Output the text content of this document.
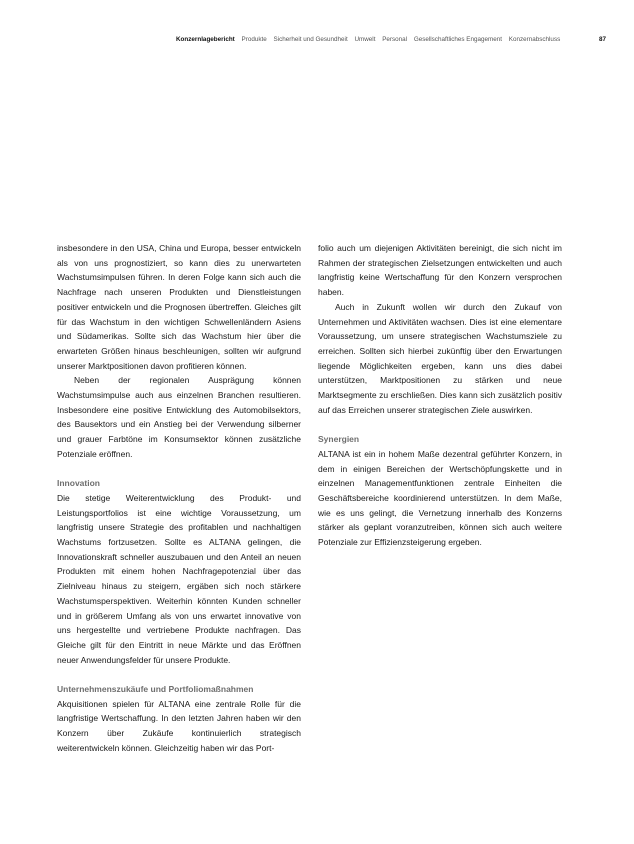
Konzernlagebericht Produkte Sicherheit und Gesundheit Umwelt Personal Gesellschaftliches Engagement Konzernabschluss	87

insbesondere in den USA, China und Europa, besser entwickeln als von uns prognostiziert, so kann dies zu unerwarteten Wachstumsimpulsen führen. In deren Folge kann sich auch die Nachfrage nach unseren Produkten und Dienstleistungen positiver entwickeln und die Prognosen übertreffen. Gleiches gilt für das Wachstum in den wichtigen Schwellenländern Asiens und Südamerikas. Sollte sich das Wachstum hier über die erwarteten Größen hinaus beschleunigen, sollten wir aufgrund unserer Marktpositionen davon profitieren können.

Neben der regionalen Ausprägung können Wachstumsimpulse auch aus einzelnen Branchen resultieren. Insbesondere eine positive Entwicklung des Automobilsektors, des Bausektors und ein Anstieg bei der Verwendung silberner und grauer Farbtöne im Konsumsektor können zusätzliche Potenziale eröffnen.

Innovation

Die stetige Weiterentwicklung des Produkt- und Leistungsportfolios ist eine wichtige Voraussetzung, um langfristig unsere Strategie des profitablen und nachhaltigen Wachstums fortzusetzen. Sollte es ALTANA gelingen, die Innovationskraft schneller auszubauen und den Anteil an neuen Produkten mit einem hohen Nachfragepotenzial über das Zielniveau hinaus zu steigern, ergäben sich noch stärkere Wachstumsperspektiven. Weiterhin könnten Kunden schneller und in größerem Umfang als von uns erwartet innovative von uns hergestellte und vertriebene Produkte nachfragen. Das Gleiche gilt für den Eintritt in neue Märkte und das Eröffnen neuer Anwendungsfelder für unsere Produkte.

Unternehmenszukäufe und Portfoliomaßnahmen

Akquisitionen spielen für ALTANA eine zentrale Rolle für die langfristige Wertschaffung. In den letzten Jahren haben wir den Konzern über Zukäufe kontinuierlich strategisch weiterentwickeln können. Gleichzeitig haben wir das Port-

folio auch um diejenigen Aktivitäten bereinigt, die sich nicht im Rahmen der strategischen Zielsetzungen entwickelten und auch langfristig keine Wertschaffung für den Konzern versprochen haben.

Auch in Zukunft wollen wir durch den Zukauf von Unternehmen und Aktivitäten wachsen. Dies ist eine elementare Voraussetzung, um unsere strategischen Wachstumsziele zu erreichen. Sollten sich hierbei zukünftig über den Erwartungen liegende Möglichkeiten ergeben, kann uns dies dabei unterstützen, Marktpositionen zu stärken und neue Marktsegmente zu erschließen. Dies kann sich zusätzlich positiv auf das Erreichen unserer strategischen Ziele auswirken.

Synergien

ALTANA ist ein in hohem Maße dezentral geführter Konzern, in dem in einigen Bereichen der Wertschöpfungskette und in einzelnen Managementfunktionen zentrale Einheiten die Geschäftsbereiche koordinierend unterstützen. In dem Maße, wie es uns gelingt, die Vernetzung innerhalb des Konzerns stärker als geplant voranzutreiben, können sich auch weitere Potenziale zur Effizienzsteigerung ergeben.
